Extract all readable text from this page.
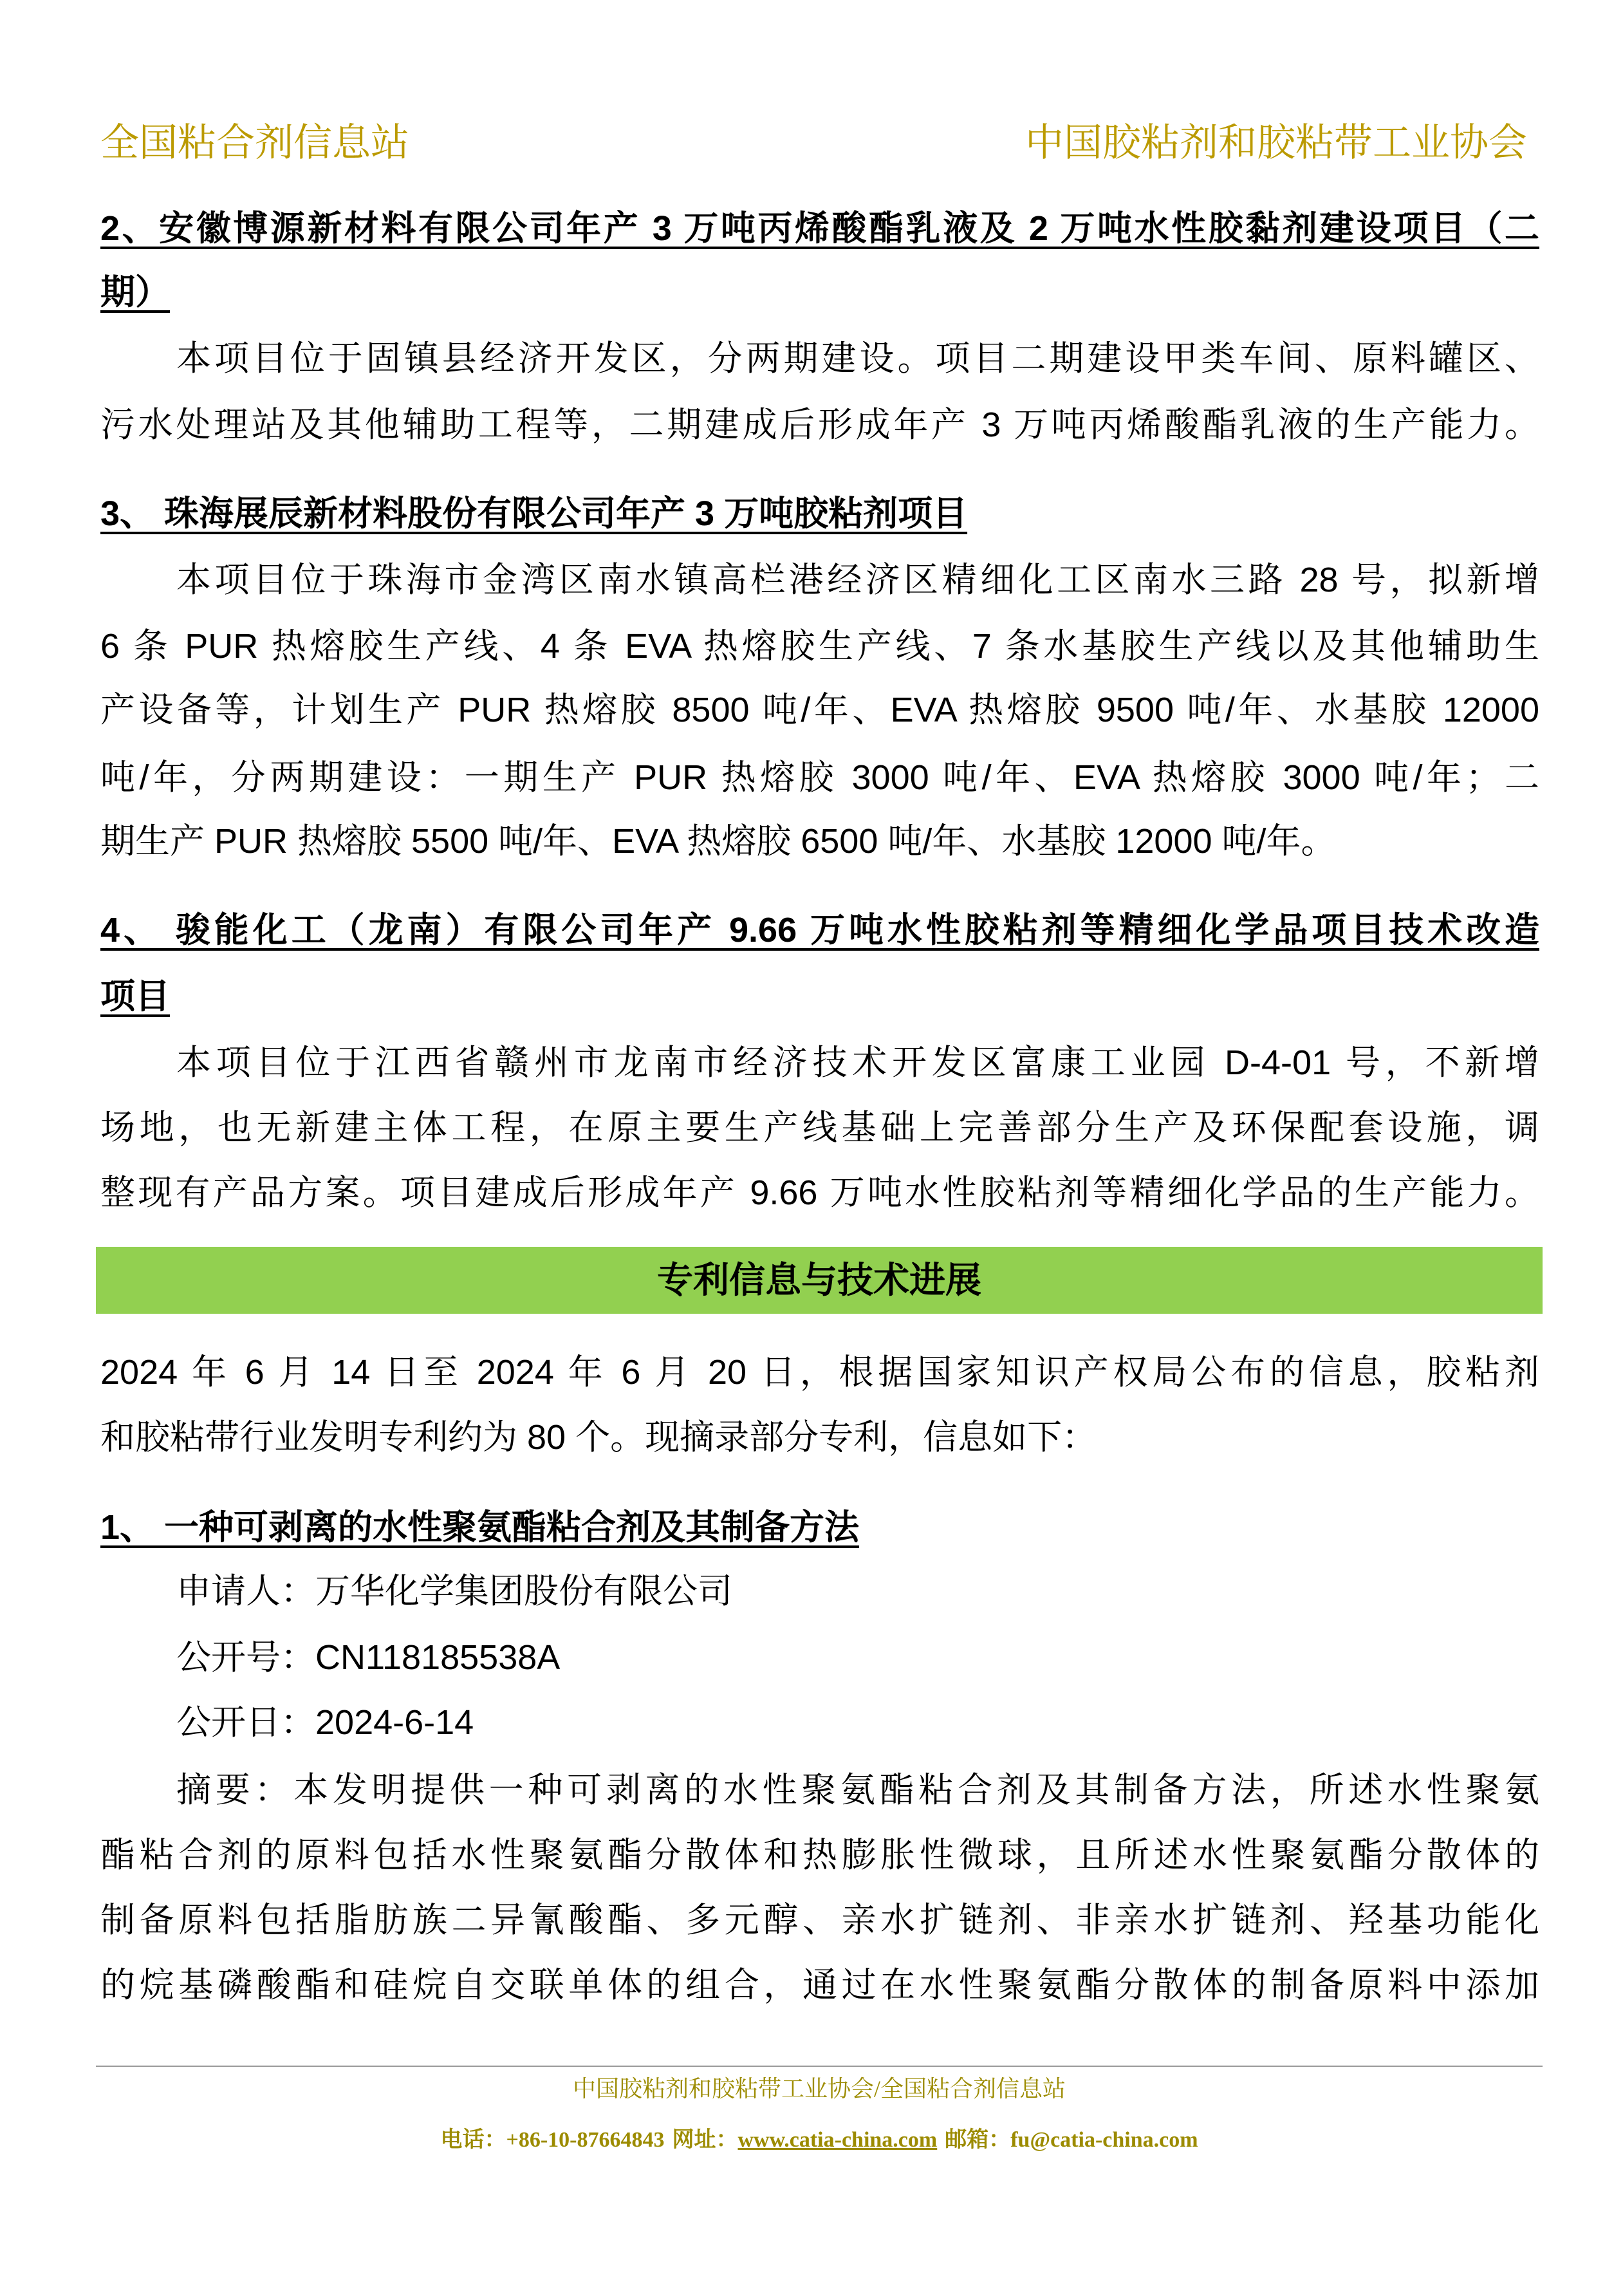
全国粘合剂信息站	中国胶粘剂和胶粘带工业协会
2、安徽博源新材料有限公司年产 3 万吨丙烯酸酯乳液及 2 万吨水性胶黏剂建设项目（二
期）
本项目位于固镇县经济开发区，分两期建设。项目二期建设甲类车间、原料罐区、
污水处理站及其他辅助工程等，二期建成后形成年产 3 万吨丙烯酸酯乳液的生产能力。
3、 珠海展辰新材料股份有限公司年产 3 万吨胶粘剂项目
本项目位于珠海市金湾区南水镇高栏港经济区精细化工区南水三路 28 号，拟新增
6 条 PUR 热熔胶生产线、4 条 EVA 热熔胶生产线、7 条水基胶生产线以及其他辅助生
产设备等，计划生产 PUR 热熔胶 8500 吨/年、EVA 热熔胶 9500 吨/年、水基胶 12000
吨/年，分两期建设：一期生产 PUR 热熔胶 3000 吨/年、EVA 热熔胶 3000 吨/年；二
期生产 PUR 热熔胶 5500 吨/年、EVA 热熔胶 6500 吨/年、水基胶 12000 吨/年。
4、 骏能化工（龙南）有限公司年产 9.66 万吨水性胶粘剂等精细化学品项目技术改造
项目
本项目位于江西省赣州市龙南市经济技术开发区富康工业园 D-4-01 号，不新增
场地，也无新建主体工程，在原主要生产线基础上完善部分生产及环保配套设施，调
整现有产品方案。项目建成后形成年产 9.66 万吨水性胶粘剂等精细化学品的生产能力。
专利信息与技术进展
2024 年 6 月 14 日至 2024 年 6 月 20 日，根据国家知识产权局公布的信息，胶粘剂
和胶粘带行业发明专利约为 80 个。现摘录部分专利，信息如下：
1、 一种可剥离的水性聚氨酯粘合剂及其制备方法
申请人：万华化学集团股份有限公司
公开号：CN118185538A
公开日：2024-6-14
摘要：本发明提供一种可剥离的水性聚氨酯粘合剂及其制备方法，所述水性聚氨
酯粘合剂的原料包括水性聚氨酯分散体和热膨胀性微球，且所述水性聚氨酯分散体的
制备原料包括脂肪族二异氰酸酯、多元醇、亲水扩链剂、非亲水扩链剂、羟基功能化
的烷基磷酸酯和硅烷自交联单体的组合，通过在水性聚氨酯分散体的制备原料中添加
中国胶粘剂和胶粘带工业协会/全国粘合剂信息站
电话：+86-10-87664843 网址：www.catia-china.com 邮箱：fu@catia-china.com
